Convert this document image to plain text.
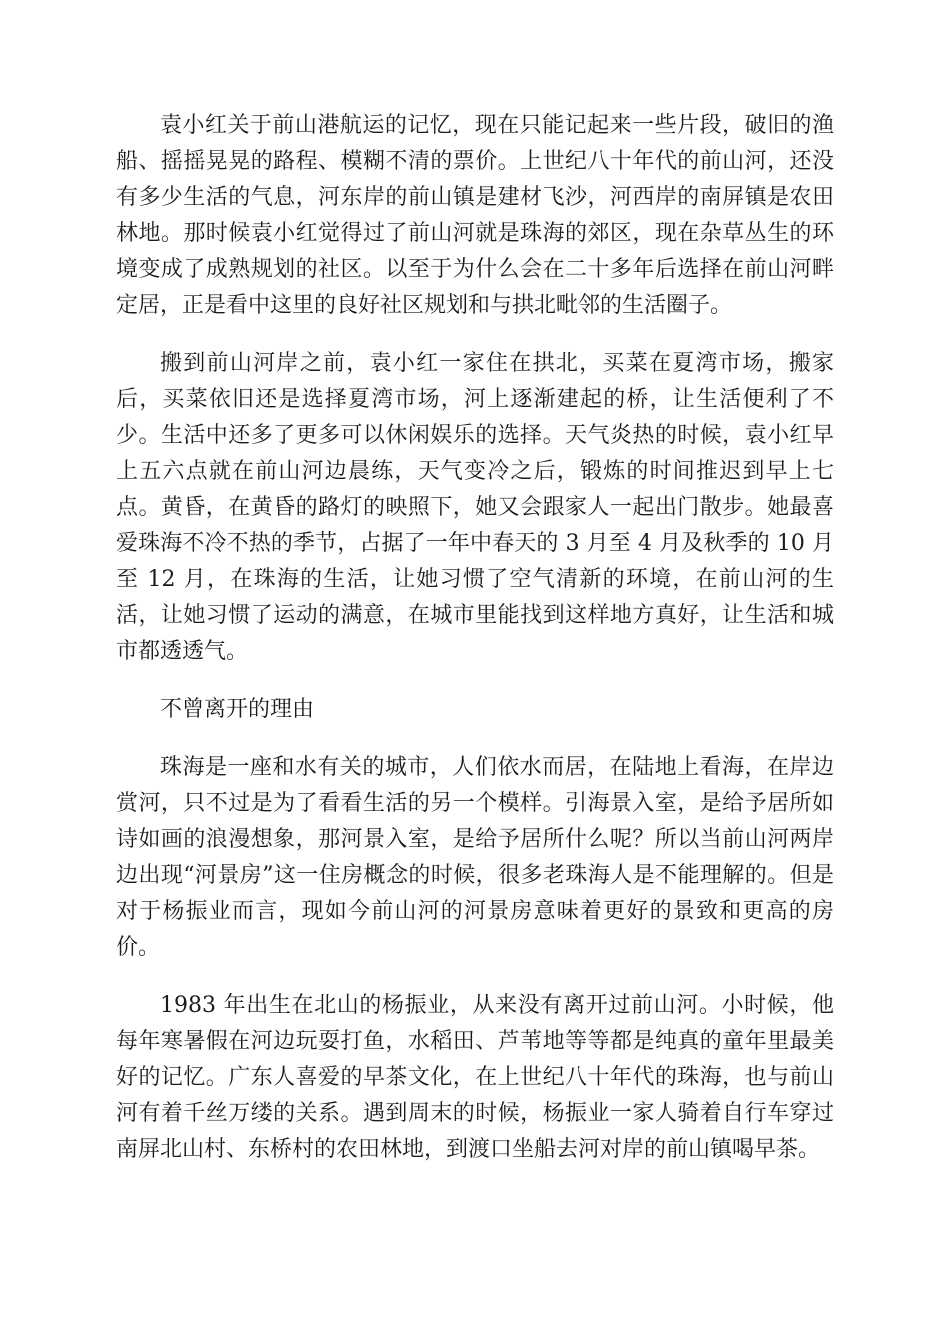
袁小红关于前山港航运的记忆，现在只能记起来一些片段，破旧的渔船、摇摇晃晃的路程、模糊不清的票价。上世纪八十年代的前山河，还没有多少生活的气息，河东岸的前山镇是建材飞沙，河西岸的南屏镇是农田林地。那时候袁小红觉得过了前山河就是珠海的郊区，现在杂草丛生的环境变成了成熟规划的社区。以至于为什么会在二十多年后选择在前山河畔定居，正是看中这里的良好社区规划和与拱北毗邻的生活圈子。

搬到前山河岸之前，袁小红一家住在拱北，买菜在夏湾市场，搬家后，买菜依旧还是选择夏湾市场，河上逐渐建起的桥，让生活便利了不少。生活中还多了更多可以休闲娱乐的选择。天气炎热的时候，袁小红早上五六点就在前山河边晨练，天气变冷之后，锻炼的时间推迟到早上七点。黄昏，在黄昏的路灯的映照下，她又会跟家人一起出门散步。她最喜爱珠海不冷不热的季节，占据了一年中春天的 3 月至 4 月及秋季的 10 月至 12 月，在珠海的生活，让她习惯了空气清新的环境，在前山河的生活，让她习惯了运动的满意，在城市里能找到这样地方真好，让生活和城市都透透气。

不曾离开的理由

珠海是一座和水有关的城市，人们依水而居，在陆地上看海，在岸边赏河，只不过是为了看看生活的另一个模样。引海景入室，是给予居所如诗如画的浪漫想象，那河景入室，是给予居所什么呢？所以当前山河两岸边出现“河景房”这一住房概念的时候，很多老珠海人是不能理解的。但是对于杨振业而言，现如今前山河的河景房意味着更好的景致和更高的房价。

1983 年出生在北山的杨振业，从来没有离开过前山河。小时候，他每年寒暑假在河边玩耍打鱼，水稻田、芦苇地等等都是纯真的童年里最美好的记忆。广东人喜爱的早茶文化，在上世纪八十年代的珠海，也与前山河有着千丝万缕的关系。遇到周末的时候，杨振业一家人骑着自行车穿过南屏北山村、东桥村的农田林地，到渡口坐船去河对岸的前山镇喝早茶。
